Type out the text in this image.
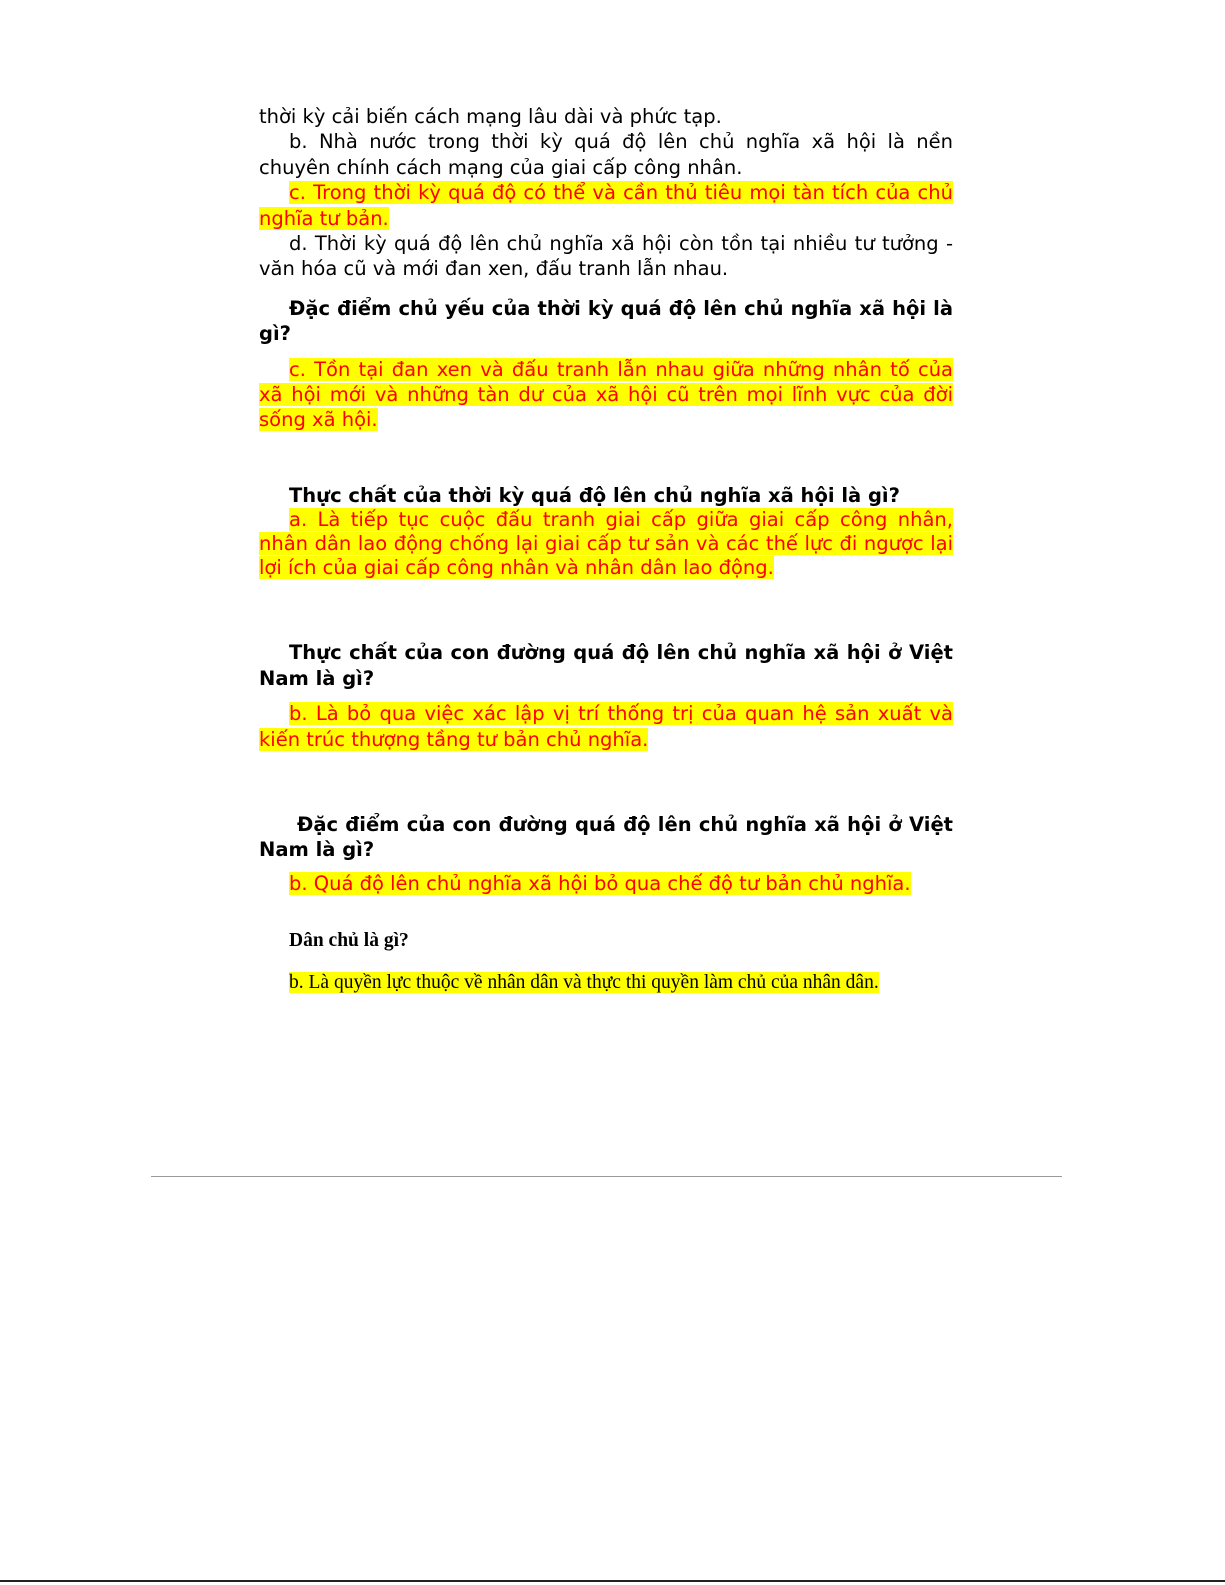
thời kỳ cải biến cách mạng lâu dài và phức tạp.

b. Nhà nước trong thời kỳ quá độ lên chủ nghĩa xã hội là nền chuyên chính cách mạng của giai cấp công nhân.

c. Trong thời kỳ quá độ có thể và cần thủ tiêu mọi tàn tích của chủ nghĩa tư bản.

d. Thời kỳ quá độ lên chủ nghĩa xã hội còn tồn tại nhiều tư tưởng - văn hóa cũ và mới đan xen, đấu tranh lẫn nhau.

Đặc điểm chủ yếu của thời kỳ quá độ lên chủ nghĩa xã hội là gì?

c. Tồn tại đan xen và đấu tranh lẫn nhau giữa những nhân tố của xã hội mới và những tàn dư của xã hội cũ trên mọi lĩnh vực của đời sống xã hội.

Thực chất của thời kỳ quá độ lên chủ nghĩa xã hội là gì?

a. Là tiếp tục cuộc đấu tranh giai cấp giữa giai cấp công nhân, nhân dân lao động chống lại giai cấp tư sản và các thế lực đi ngược lại lợi ích của giai cấp công nhân và nhân dân lao động.

Thực chất của con đường quá độ lên chủ nghĩa xã hội ở Việt Nam là gì?

b. Là bỏ qua việc xác lập vị trí thống trị của quan hệ sản xuất và kiến trúc thượng tầng tư bản chủ nghĩa.

Đặc điểm của con đường quá độ lên chủ nghĩa xã hội ở Việt Nam là gì?

b. Quá độ lên chủ nghĩa xã hội bỏ qua chế độ tư bản chủ nghĩa.

Dân chủ là gì?

b. Là quyền lực thuộc về nhân dân và thực thi quyền làm chủ của nhân dân.
